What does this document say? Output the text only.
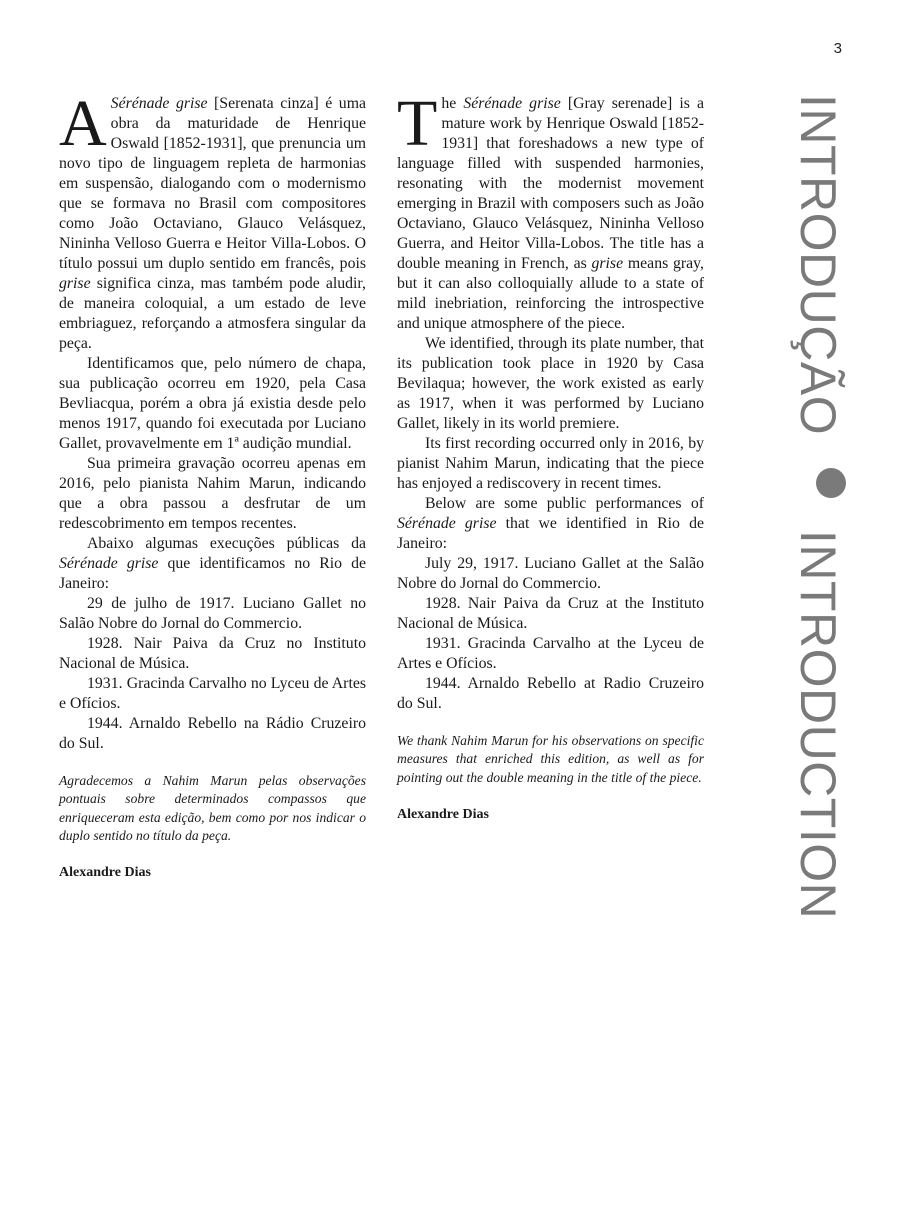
3
INTRODUÇÃO  INTRODUCTION

A Sérénade grise [Serenata cinza] é uma obra da maturidade de Henrique Oswald [1852-1931], que prenuncia um novo tipo de linguagem repleta de harmonias em suspensão, dialogando com o modernismo que se formava no Brasil com compositores como João Octaviano, Glauco Velásquez, Nininha Velloso Guerra e Heitor Villa-Lobos. O título possui um duplo sentido em francês, pois grise significa cinza, mas também pode aludir, de maneira coloquial, a um estado de leve embriaguez, reforçando a atmosfera singular da peça.

Identificamos que, pelo número de chapa, sua publicação ocorreu em 1920, pela Casa Bevliacqua, porém a obra já existia desde pelo menos 1917, quando foi executada por Luciano Gallet, provavelmente em 1ª audição mundial.

Sua primeira gravação ocorreu apenas em 2016, pelo pianista Nahim Marun, indicando que a obra passou a desfrutar de um redescobrimento em tempos recentes.

Abaixo algumas execuções públicas da Sérénade grise que identificamos no Rio de Janeiro:

29 de julho de 1917. Luciano Gallet no Salão Nobre do Jornal do Commercio.

1928. Nair Paiva da Cruz no Instituto Nacional de Música.

1931. Gracinda Carvalho no Lyceu de Artes e Ofícios.

1944. Arnaldo Rebello na Rádio Cruzeiro do Sul.

Agradecemos a Nahim Marun pelas observações pontuais sobre determinados compassos que enriqueceram esta edição, bem como por nos indicar o duplo sentido no título da peça.
Alexandre Dias

T he Sérénade grise [Gray serenade] is a mature work by Henrique Oswald [1852-1931] that foreshadows a new type of language filled with suspended harmonies, resonating with the modernist movement emerging in Brazil with composers such as João Octaviano, Glauco Velásquez, Nininha Velloso Guerra, and Heitor Villa-Lobos. The title has a double meaning in French, as grise means gray, but it can also colloquially allude to a state of mild inebriation, reinforcing the introspective and unique atmosphere of the piece.

We identified, through its plate number, that its publication took place in 1920 by Casa Bevilaqua; however, the work existed as early as 1917, when it was performed by Luciano Gallet, likely in its world premiere.

Its first recording occurred only in 2016, by pianist Nahim Marun, indicating that the piece has enjoyed a rediscovery in recent times.

Below are some public performances of Sérénade grise that we identified in Rio de Janeiro:

July 29, 1917. Luciano Gallet at the Salão Nobre do Jornal do Commercio.

1928. Nair Paiva da Cruz at the Instituto Nacional de Música.

1931. Gracinda Carvalho at the Lyceu de Artes e Ofícios.

1944. Arnaldo Rebello at Radio Cruzeiro do Sul.

We thank Nahim Marun for his observations on specific measures that enriched this edition, as well as for pointing out the double meaning in the title of the piece.
Alexandre Dias
